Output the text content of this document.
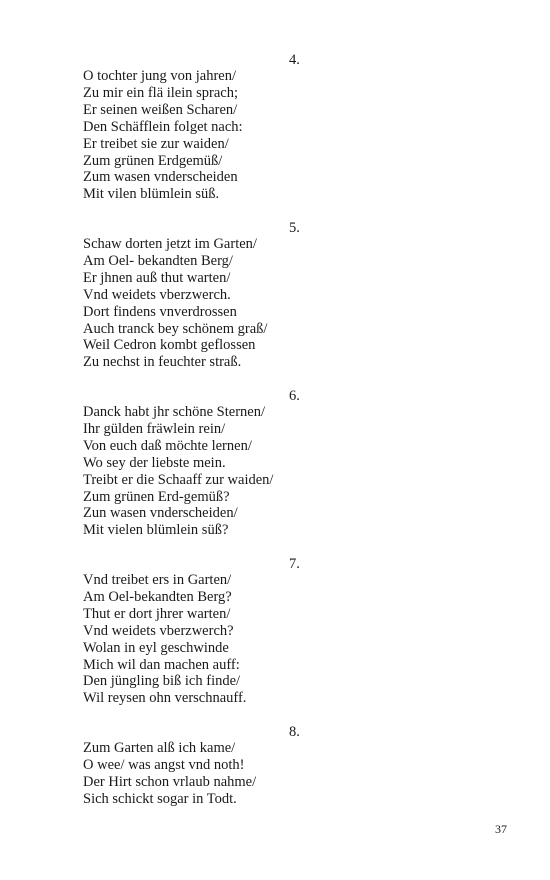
4.
O tochter jung von jahren/
Zu mir ein flä ilein sprach;
Er seinen weißen Scharen/
Den Schäfflein folget nach:
Er treibet sie zur waiden/
Zum grünen Erdgemüß/
Zum wasen vnderscheiden
Mit vilen blümlein süß.
5.
Schaw dorten jetzt im Garten/
Am Oel- bekandten Berg/
Er jhnen auß thut warten/
Vnd weidets vberzwerch.
Dort findens vnverdrossen
Auch tranck bey schönem graß/
Weil Cedron kombt geflossen
Zu nechst in feuchter straß.
6.
Danck habt jhr schöne Sternen/
Ihr gülden fräwlein rein/
Von euch daß möchte lernen/
Wo sey der liebste mein.
Treibt er die Schaaff zur waiden/
Zum grünen Erd-gemüß?
Zun wasen vnderscheiden/
Mit vielen blümlein süß?
7.
Vnd treibet ers in Garten/
Am Oel-bekandten Berg?
Thut er dort jhrer warten/
Vnd weidets vberzwerch?
Wolan in eyl geschwinde
Mich wil dan machen auff:
Den jüngling biß ich finde/
Wil reysen ohn verschnauff.
8.
Zum Garten alß ich kame/
O wee/ was angst vnd noth!
Der Hirt schon vrlaub nahme/
Sich schickt sogar in Todt.
37
